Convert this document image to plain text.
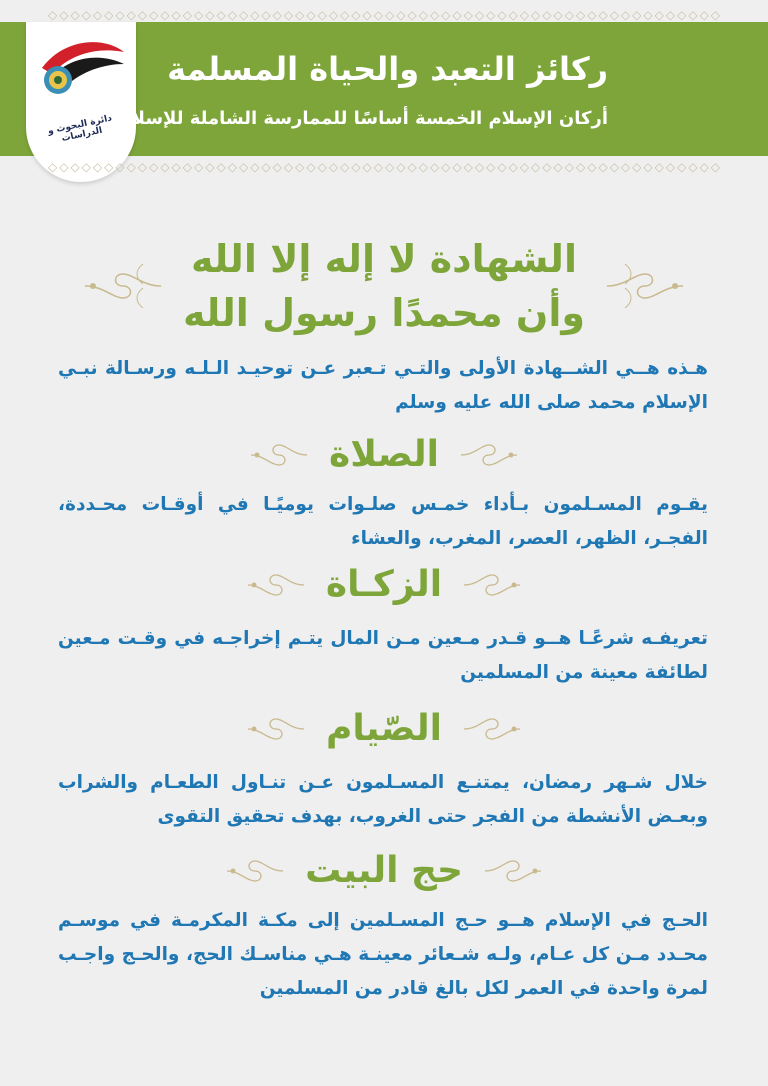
◇ ◇ ◇ ◇ ◇ ◇ ◇ ◇ ◇ ◇ ◇ ◇ ◇ ◇ ◇ ◇ ◇ ◇ ◇ ◇ ◇ ◇ ◇ ◇ ◇ ◇ ◇ ◇ ◇ ◇ ◇ ◇ ◇ ◇ ◇ ◇ ◇ ◇ ◇ ◇ ◇ ◇ ◇ ◇ ◇ ◇ ◇ ◇ ◇ ◇ ◇ ◇ ◇ ◇ ◇ ◇ ◇ ◇ ◇ ◇
دائرة البحوث و الدراسات
ركائز التعبد والحياة المسلمة
أركان الإسلام الخمسة أساسًا للممارسة الشاملة للإسلام
◇ ◇ ◇ ◇ ◇ ◇ ◇ ◇ ◇ ◇ ◇ ◇ ◇ ◇ ◇ ◇ ◇ ◇ ◇ ◇ ◇ ◇ ◇ ◇ ◇ ◇ ◇ ◇ ◇ ◇ ◇ ◇ ◇ ◇ ◇ ◇ ◇ ◇ ◇ ◇ ◇ ◇ ◇ ◇ ◇ ◇ ◇ ◇ ◇ ◇ ◇ ◇ ◇ ◇ ◇ ◇ ◇ ◇ ◇ ◇
الشهادة لا إله إلا الله
وأن محمدًا رسول الله
هـذه هــي الشــهادة الأولى والتـي تـعبر عـن توحيـد الـلـه ورسـالة نبـي الإسلام محمد صلى الله عليه وسلم
الصلاة
يقـوم المسـلمون بـأداء خمـس صلـوات يوميًـا في أوقـات محـددة، الفجـر، الظهر، العصر، المغرب، والعشاء
الزكـاة
تعريفـه شرعًـا هــو قـدر مـعين مـن المال يتـم إخراجـه في وقـت مـعين لطائفة معينة من المسلمين
الصّيام
خلال شـهر رمضان، يمتنـع المسـلمون عـن تنـاول الطعـام والشراب وبعـض الأنشطة من الفجر حتى الغروب، بهدف تحقيق التقوى
حج البيت
الحـج في الإسلام هــو حـج المسـلمين إلى مكـة المكرمـة في موسـم محـدد مـن كل عـام، ولـه شـعائر معينـة هـي مناسـك الحج، والحـج واجـب لمرة واحدة في العمر لكل بالغ قادر من المسلمين
